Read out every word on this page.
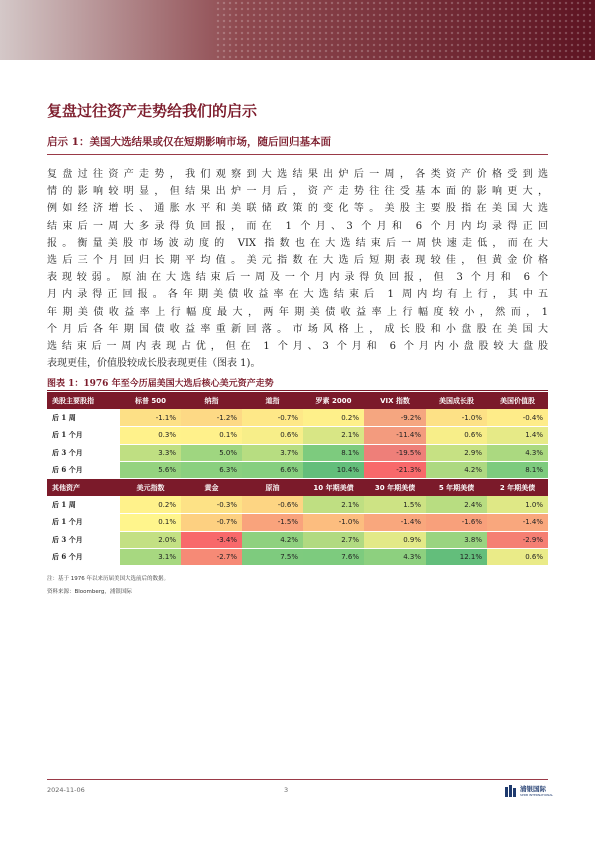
复盘过往资产走势给我们的启示
启示 1：美国大选结果或仅在短期影响市场，随后回归基本面
复盘过往资产走势，我们观察到大选结果出炉后一周，各类资产价格受到选
情的影响较明显，但结果出炉一月后，资产走势往往受基本面的影响更大，
例如经济增长、通胀水平和美联储政策的变化等。美股主要股指在美国大选
结束后一周大多录得负回报，而在 1 个月、3 个月和 6 个月内均录得正回
报。衡量美股市场波动度的 VIX 指数也在大选结束后一周快速走低，而在大
选后三个月回归长期平均值。美元指数在大选后短期表现较佳，但黄金价格
表现较弱。原油在大选结束后一周及一个月内录得负回报，但 3 个月和 6 个
月内录得正回报。各年期美债收益率在大选结束后 1 周内均有上行，其中五
年期美债收益率上行幅度最大，两年期美债收益率上行幅度较小，然而，1
个月后各年期国债收益率重新回落。市场风格上，成长股和小盘股在美国大
选结束后一周内表现占优，但在 1 个月、3 个月和 6 个月内小盘股较大盘股
表现更佳，价值股较成长股表现更佳（图表 1)。
图表 1：1976 年至今历届美国大选后核心美元资产走势
美股主要股指	标普 500	纳指	道指	罗素 2000	VIX 指数	美国成长股	美国价值股
后 1 周	-1.1%	-1.2%	-0.7%	0.2%	-9.2%	-1.0%	-0.4%
后 1 个月	0.3%	0.1%	0.6%	2.1%	-11.4%	0.6%	1.4%
后 3 个月	3.3%	5.0%	3.7%	8.1%	-19.5%	2.9%	4.3%
后 6 个月	5.6%	6.3%	6.6%	10.4%	-21.3%	4.2%	8.1%
其他资产	美元指数	黄金	原油	10 年期美债	30 年期美债	5 年期美债	2 年期美债
后 1 周	0.2%	-0.3%	-0.6%	2.1%	1.5%	2.4%	1.0%
后 1 个月	0.1%	-0.7%	-1.5%	-1.0%	-1.4%	-1.6%	-1.4%
后 3 个月	2.0%	-3.4%	4.2%	2.7%	0.9%	3.8%	-2.9%
后 6 个月	3.1%	-2.7%	7.5%	7.6%	4.3%	12.1%	0.6%
注：基于 1976 年以来历届美国大选前后的数据。
资料来源：Bloomberg，浦银国际
2024-11-06	3	浦银国际
SPDB INTERNATIONAL
